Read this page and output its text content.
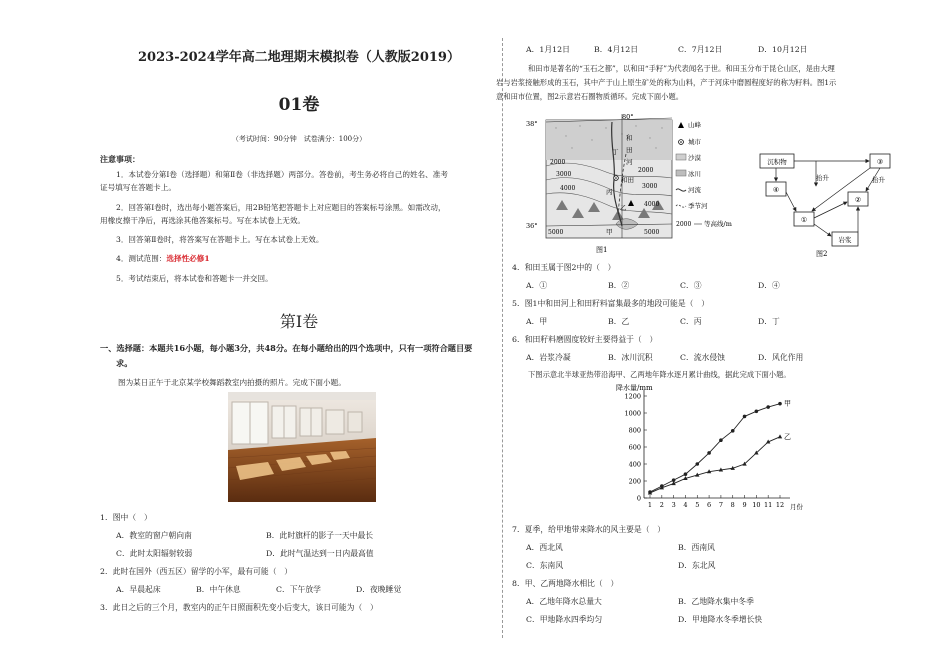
2023-2024学年高二地理期末模拟卷（人教版2019）
01卷
（考试时间：90分钟　试卷满分：100分）
注意事项：
1．本试卷分第Ⅰ卷（选择题）和第Ⅱ卷（非选择题）两部分。答卷前，考生务必将自己的姓名、准考
证号填写在答题卡上。
2．回答第Ⅰ卷时，选出每小题答案后，用2B铅笔把答题卡上对应题目的答案标号涂黑。如需改动，
用橡皮擦干净后，再选涂其他答案标号。写在本试卷上无效。
3．回答第Ⅱ卷时，将答案写在答题卡上。写在本试卷上无效。
4．测试范围：选择性必修1
5．考试结束后，将本试卷和答题卡一并交回。
第Ⅰ卷
一、选择题：本题共16小题，每小题3分，共48分。在每小题给出的四个选项中，只有一项符合题目要
求。
图为某日正午于北京某学校舞蹈教室内拍摄的照片。完成下面小题。
1．图中（　）
A．教室的窗户朝向南	B．此时旗杆的影子一天中最长
C．此时太阳辐射较弱	D．此时气温达到一日内最高值
2．此时在国外（西五区）留学的小军，最有可能（　）
A．早晨起床	B．中午休息	C．下午放学	D．夜晚睡觉
3．此日之后的三个月，教室内的正午日照面积先变小后变大，该日可能为（　）
A．1月12日	B．4月12日	C．7月12日	D．10月12日
和田市是著名的“玉石之都”，以和田“手籽”为代表闻名于世。和田玉分布于昆仑山区，是由大理
岩与岩浆接触形成的玉石，其中产于山上原生矿处的称为山料，产于河床中磨圆程度好的称为籽料。图1示
意和田市位置，图2示意岩石圈物质循环。完成下面小题。
80°
38°
36°
和
田
河
和田
甲
乙
丙
丁
2000
3000
4000
2000
3000
4000
5000	5000
山峰
城市
沙漠
冰川
河流
季节河
2000 等高线/m
图1
沉积物
④
③
①
②
岩浆
抬升	抬升
图2
4．和田玉属于图2中的（　）
A．①	B．②	C．③	D．④
5．图1中和田河上和田籽料富集最多的地段可能是（　）
A．甲	B．乙	C．丙	D．丁
6．和田籽料磨圆度较好主要得益于（　）
A．岩浆冷凝	B．冰川沉积	C．流水侵蚀	D．风化作用
下图示意北半球亚热带沿海甲、乙两地年降水逐月累计曲线，据此完成下面小题。
降水量/mm
月份
0
200
400
600
800
1000
1200
1 2 3 4 5 6 7 8 9 10 11 12
甲
乙
7．夏季，给甲地带来降水的风主要是（　）
A．西北风	B．西南风
C．东南风	D．东北风
8．甲、乙两地降水相比（　）
A．乙地年降水总量大	B．乙地降水集中冬季
C．甲地降水四季均匀	D．甲地降水冬季增长快
